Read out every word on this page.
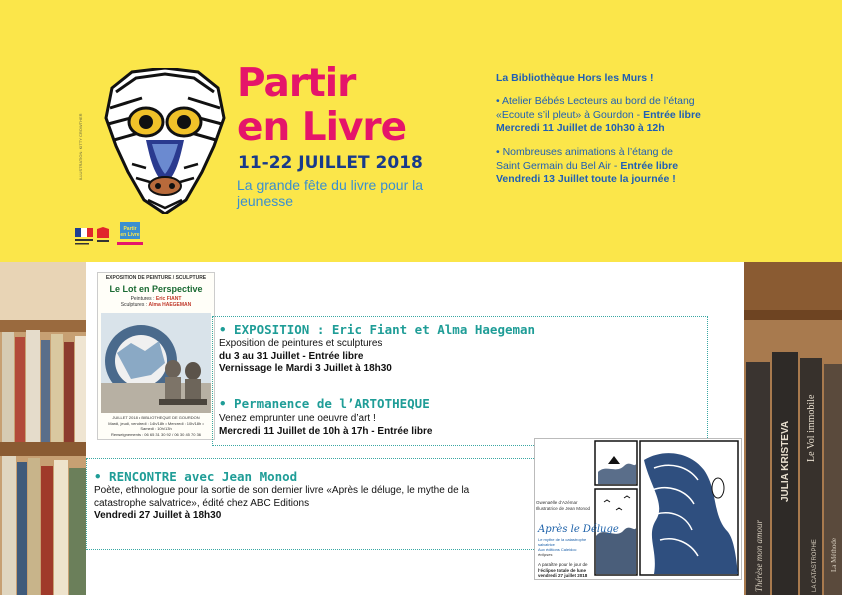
ILLUSTRATION: KITTY CROWTHER
Partir
en Livre
11-22 JUILLET 2018
La grande fête du livre pour la jeunesse
Partir
en Livre
La Bibliothèque Hors les Murs !
• Atelier Bébés Lecteurs au bord de l’étang
«Ecoute s’il pleut» à Gourdon - Entrée libre
Mercredi 11 Juillet de 10h30 à 12h
• Nombreuses animations à l’étang de
Saint Germain du Bel Air - Entrée libre
Vendredi 13 Juillet toute la journée !
JULIA KRISTEVA Le Vol immobile
Thérèse mon amour	La Méthode
LA CATASTROPHE
EXPOSITION DE PEINTURE / SCULPTURE
Le Lot en Perspective
Peintures : Eric FIANT
Sculptures : Alma HAEGEMAN
JUILLET 2018 • BIBLIOTHEQUE DE GOURDON
Mardi, jeudi, vendredi : 14h/18h • Mercredi : 10h/18h • Samedi : 10h/13h
Renseignements : 06 65 31 30 92 / 06 30 45 70 36
• EXPOSITION : Eric Fiant et Alma Haegeman
Exposition de peintures et sculptures
du 3 au 31 Juillet - Entrée libre
Vernissage le Mardi 3 Juillet à 18h30
• Permanence de l’ARTOTHEQUE
Venez emprunter une oeuvre d’art !
Mercredi 11 Juillet de 10h à 17h - Entrée libre
• RENCONTRE avec Jean Monod
Poète, ethnologue pour la sortie de son dernier livre «Après le déluge, le mythe de la
catastrophe salvatrice», édité chez ABC Editions
Vendredi 27 Juillet à 18h30
Gwenaëlle d’Azémar
Illustratrice de Jean Monod
Après le Déluge
Le mythe de la catastrophe salvatrice
Aux éditions Caleidoc
éclipses
A paraître pour le jour de
l’éclipse totale de lune
vendredi 27 juillet 2018
